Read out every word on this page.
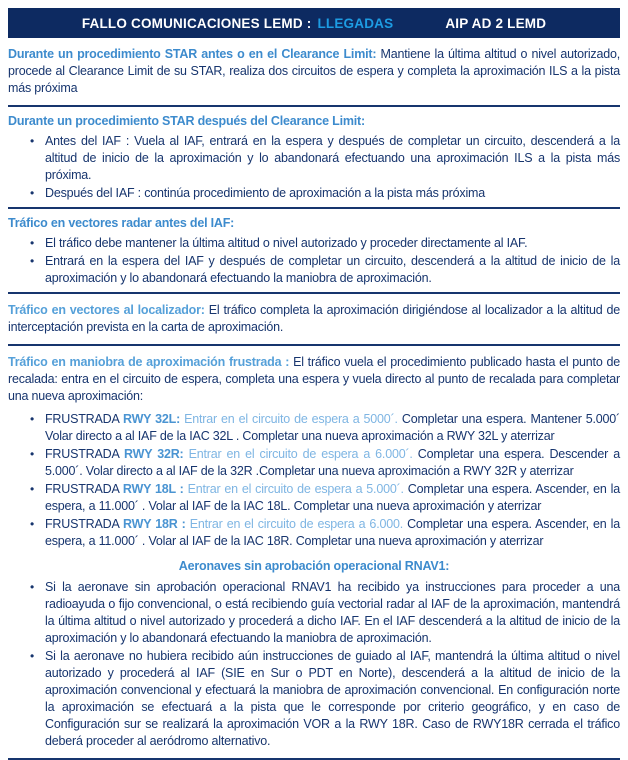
FALLO COMUNICACIONES LEMD : LLEGADAS	AIP AD 2 LEMD

Durante un procedimiento STAR antes o en el Clearance Limit: Mantiene la última altitud o nivel autorizado, procede al Clearance Limit de su STAR, realiza dos circuitos de espera y completa la aproximación ILS a la pista más próxima

Durante un procedimiento STAR después del Clearance Limit:
• Antes del IAF : Vuela al IAF, entrará en la espera y después de completar un circuito, descenderá a la altitud de inicio de la aproximación y lo abandonará efectuando una aproximación ILS a la pista más próxima.
• Después del IAF : continúa procedimiento de aproximación a la pista más próxima
Tráfico en vectores radar antes del IAF:
• El tráfico debe mantener la última altitud o nivel autorizado y proceder directamente al IAF.
• Entrará en la espera del IAF y después de completar un circuito, descenderá a la altitud de inicio de la aproximación y lo abandonará efectuando la maniobra de aproximación.

Tráfico en vectores al localizador: El tráfico completa la aproximación dirigiéndose al localizador a la altitud de interceptación prevista en la carta de aproximación.

Tráfico en maniobra de aproximación frustrada : El tráfico vuela el procedimiento publicado hasta el punto de recalada: entra en el circuito de espera, completa una espera y vuela directo al punto de recalada para completar una nueva aproximación:

• FRUSTRADA RWY 32L: Entrar en el circuito de espera a 5000´. Completar una espera. Mantener 5.000´ Volar directo a al IAF de la IAC 32L . Completar una nueva aproximación a RWY 32L y aterrizar
• FRUSTRADA RWY 32R: Entrar en el circuito de espera a 6.000´. Completar una espera. Descender a 5.000´. Volar directo a al IAF de la 32R .Completar una nueva aproximación a RWY 32R y aterrizar
• FRUSTRADA RWY 18L : Entrar en el circuito de espera a 5.000´. Completar una espera. Ascender, en la espera, a 11.000´ . Volar al IAF de la IAC 18L. Completar una nueva aproximación y aterrizar
• FRUSTRADA RWY 18R : Entrar en el circuito de espera a 6.000. Completar una espera. Ascender, en la espera, a 11.000´ . Volar al IAF de la IAC 18R. Completar una nueva aproximación y aterrizar
Aeronaves sin aprobación operacional RNAV1:
• Si la aeronave sin aprobación operacional RNAV1 ha recibido ya instrucciones para proceder a una radioayuda o fijo convencional, o está recibiendo guía vectorial radar al IAF de la aproximación, mantendrá la última altitud o nivel autorizado y procederá a dicho IAF. En el IAF descenderá a la altitud de inicio de la aproximación y lo abandonará efectuando la maniobra de aproximación.
• Si la aeronave no hubiera recibido aún instrucciones de guiado al IAF, mantendrá la última altitud o nivel autorizado y procederá al IAF (SIE en Sur o PDT en Norte), descenderá a la altitud de inicio de la aproximación convencional y efectuará la maniobra de aproximación convencional. En configuración norte la aproximación se efectuará a la pista que le corresponde por criterio geográfico, y en caso de Configuración sur se realizará la aproximación VOR a la RWY 18R. Caso de RWY18R cerrada el tráfico deberá proceder al aeródromo alternativo.
